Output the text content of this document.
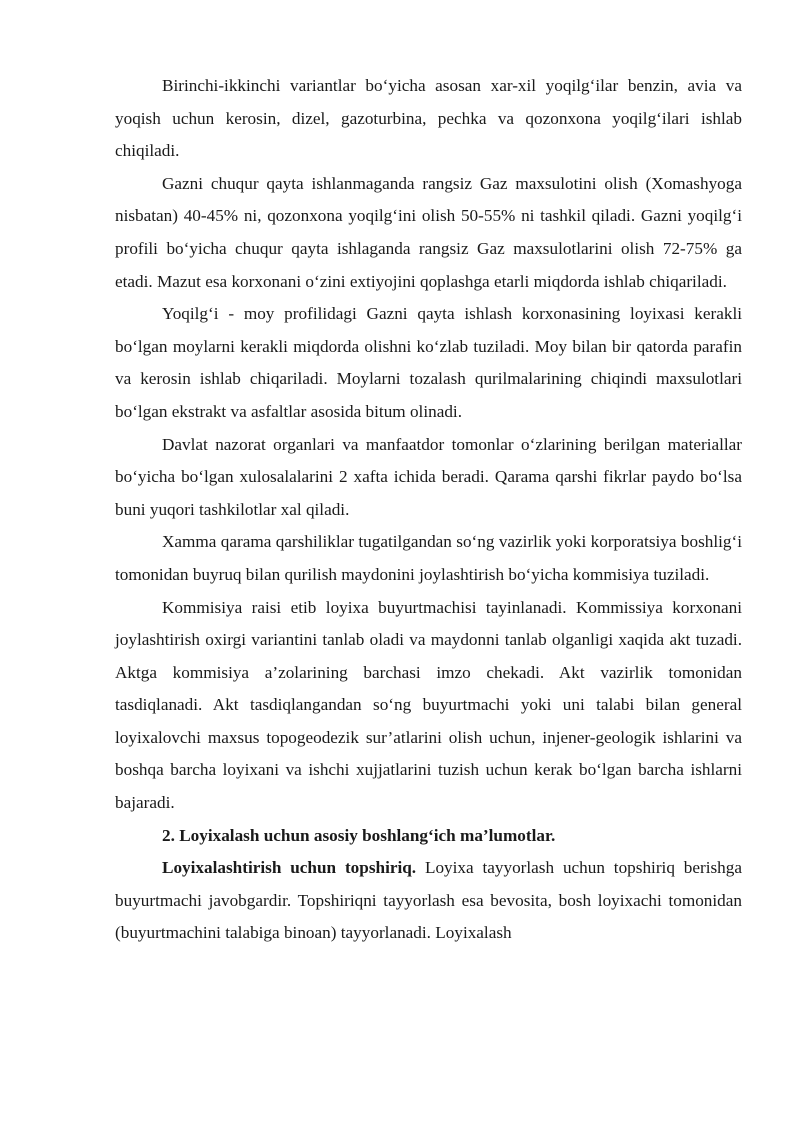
Birinchi-ikkinchi variantlar bo‘yicha asosan xar-xil yoqilg‘ilar benzin, avia va yoqish uchun kerosin, dizel, gazoturbina, pechka va qozonxona yoqilg‘ilari ishlab chiqiladi.

Gazni chuqur qayta ishlanmaganda rangsiz Gaz maxsulotini olish (Xomashyoga nisbatan) 40-45% ni, qozonxona yoqilg‘ini olish 50-55% ni tashkil qiladi. Gazni yoqilg‘i profili bo‘yicha chuqur qayta ishlaganda rangsiz Gaz maxsulotlarini olish 72-75% ga etadi. Mazut esa korxonani o‘zini extiyojini qoplashga etarli miqdorda ishlab chiqariladi.

Yoqilg‘i - moy profilidagi Gazni qayta ishlash korxonasining loyixasi kerakli bo‘lgan moylarni kerakli miqdorda olishni ko‘zlab tuziladi. Moy bilan bir qatorda parafin va kerosin ishlab chiqariladi. Moylarni tozalash qurilmalarining chiqindi maxsulotlari bo‘lgan ekstrakt va asfaltlar asosida bitum olinadi.

Davlat nazorat organlari va manfaatdor tomonlar o‘zlarining berilgan materiallar bo‘yicha bo‘lgan xulosalalarini 2 xafta ichida beradi. Qarama qarshi fikrlar paydo bo‘lsa buni yuqori tashkilotlar xal qiladi.

Xamma qarama qarshiliklar tugatilgandan so‘ng vazirlik yoki korporatsiya boshlig‘i tomonidan buyruq bilan qurilish maydonini joylashtirish bo‘yicha kommisiya tuziladi.

Kommisiya raisi etib loyixa buyurtmachisi tayinlanadi. Kommissiya korxonani joylashtirish oxirgi variantini tanlab oladi va maydonni tanlab olganligi xaqida akt tuzadi. Aktga kommisiya a’zolarining barchasi imzo chekadi. Akt vazirlik tomonidan tasdiqlanadi. Akt tasdiqlangandan so‘ng buyurtmachi yoki uni talabi bilan general loyixalovchi maxsus topogeodezik sur’atlarini olish uchun, injener-geologik ishlarini va boshqa barcha loyixani va ishchi xujjatlarini tuzish uchun kerak bo‘lgan barcha ishlarni bajaradi.

2. Loyixalash uchun asosiy boshlang‘ich ma’lumotlar.

Loyixalashtirish uchun topshiriq. Loyixa tayyorlash uchun topshiriq berishga buyurtmachi javobgardir. Topshiriqni tayyorlash esa bevosita, bosh loyixachi tomonidan (buyurtmachini talabiga binoan) tayyorlanadi. Loyixalash
